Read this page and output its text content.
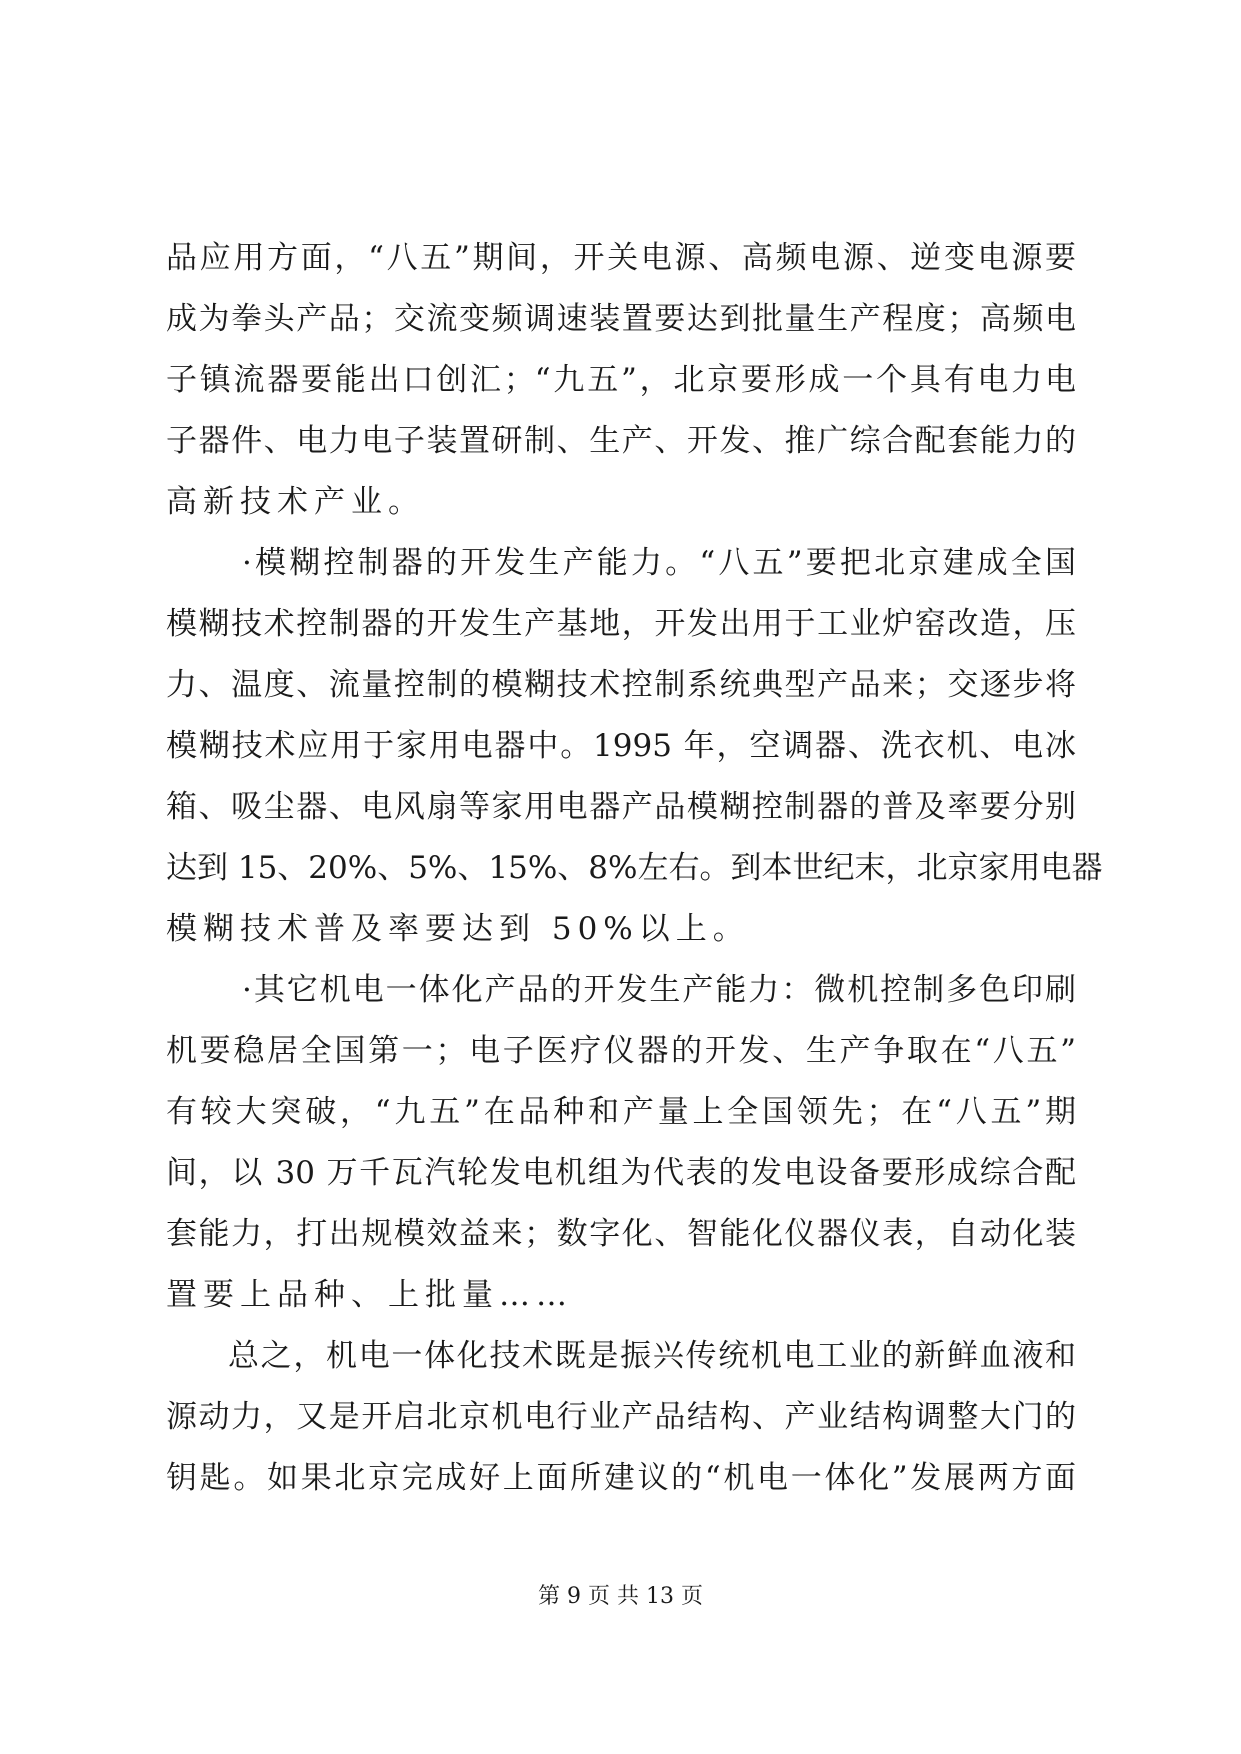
品应用方面，“八五”期间，开关电源、高频电源、逆变电源要
成为拳头产品；交流变频调速装置要达到批量生产程度；高频电
子镇流器要能出口创汇；“九五”，北京要形成一个具有电力电
子器件、电力电子装置研制、生产、开发、推广综合配套能力的
高新技术产业。
·模糊控制器的开发生产能力。“八五”要把北京建成全国
模糊技术控制器的开发生产基地，开发出用于工业炉窑改造，压
力、温度、流量控制的模糊技术控制系统典型产品来；交逐步将
模糊技术应用于家用电器中。1995 年，空调器、洗衣机、电冰
箱、吸尘器、电风扇等家用电器产品模糊控制器的普及率要分别
达到 15、20%、5%、15%、8%左右。到本世纪末，北京家用电器
模糊技术普及率要达到 50%以上。
·其它机电一体化产品的开发生产能力：微机控制多色印刷
机要稳居全国第一；电子医疗仪器的开发、生产争取在“八五”
有较大突破，“九五”在品种和产量上全国领先；在“八五”期
间，以 30 万千瓦汽轮发电机组为代表的发电设备要形成综合配
套能力，打出规模效益来；数字化、智能化仪器仪表，自动化装
置要上品种、上批量……
总之，机电一体化技术既是振兴传统机电工业的新鲜血液和
源动力，又是开启北京机电行业产品结构、产业结构调整大门的
钥匙。如果北京完成好上面所建议的“机电一体化”发展两方面
第 9 页 共 13 页
